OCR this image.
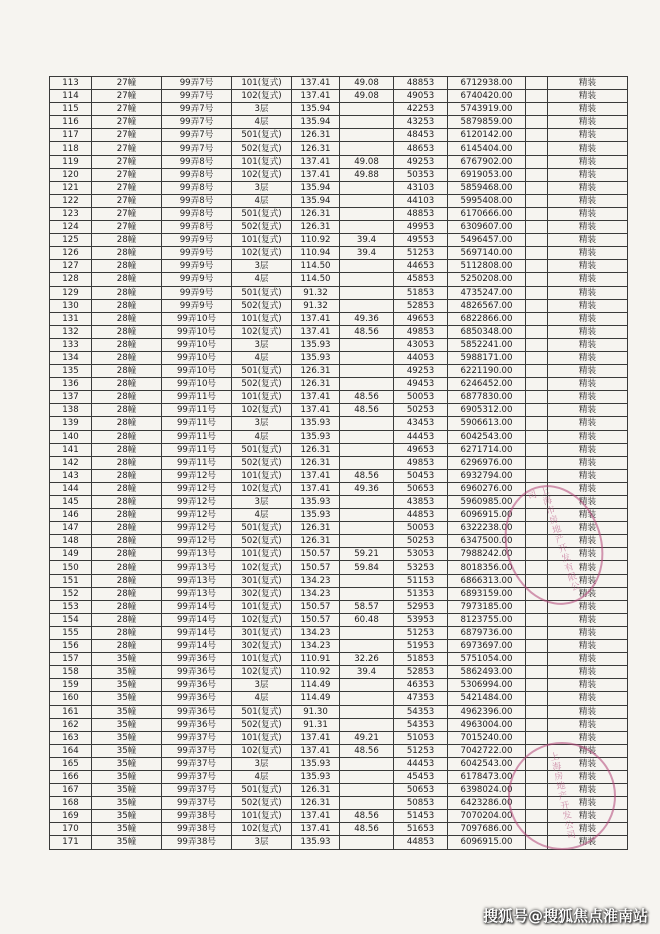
113	27幢	99弄7号	101(复式)	137.41	49.08	48853	6712938.00		精装
114	27幢	99弄7号	102(复式)	137.41	49.08	49053	6740420.00		精装
115	27幢	99弄7号	3层	135.94		42253	5743919.00		精装
116	27幢	99弄7号	4层	135.94		43253	5879859.00		精装
117	27幢	99弄7号	501(复式)	126.31		48453	6120142.00		精装
118	27幢	99弄7号	502(复式)	126.31		48653	6145404.00		精装
119	27幢	99弄8号	101(复式)	137.41	49.08	49253	6767902.00		精装
120	27幢	99弄8号	102(复式)	137.41	49.88	50353	6919053.00		精装
121	27幢	99弄8号	3层	135.94		43103	5859468.00		精装
122	27幢	99弄8号	4层	135.94		44103	5995408.00		精装
123	27幢	99弄8号	501(复式)	126.31		48853	6170666.00		精装
124	27幢	99弄8号	502(复式)	126.31		49953	6309607.00		精装
125	28幢	99弄9号	101(复式)	110.92	39.4	49553	5496457.00		精装
126	28幢	99弄9号	102(复式)	110.94	39.4	51253	5697140.00		精装
127	28幢	99弄9号	3层	114.50		44653	5112808.00		精装
128	28幢	99弄9号	4层	114.50		45853	5250208.00		精装
129	28幢	99弄9号	501(复式)	91.32		51853	4735247.00		精装
130	28幢	99弄9号	502(复式)	91.32		52853	4826567.00		精装
131	28幢	99弄10号	101(复式)	137.41	49.36	49653	6822866.00		精装
132	28幢	99弄10号	102(复式)	137.41	48.56	49853	6850348.00		精装
133	28幢	99弄10号	3层	135.93		43053	5852241.00		精装
134	28幢	99弄10号	4层	135.93		44053	5988171.00		精装
135	28幢	99弄10号	501(复式)	126.31		49253	6221190.00		精装
136	28幢	99弄10号	502(复式)	126.31		49453	6246452.00		精装
137	28幢	99弄11号	101(复式)	137.41	48.56	50053	6877830.00		精装
138	28幢	99弄11号	102(复式)	137.41	48.56	50253	6905312.00		精装
139	28幢	99弄11号	3层	135.93		43453	5906613.00		精装
140	28幢	99弄11号	4层	135.93		44453	6042543.00		精装
141	28幢	99弄11号	501(复式)	126.31		49653	6271714.00		精装
142	28幢	99弄11号	502(复式)	126.31		49853	6296976.00		精装
143	28幢	99弄12号	101(复式)	137.41	48.56	50453	6932794.00		精装
144	28幢	99弄12号	102(复式)	137.41	49.36	50653	6960276.00		精装
145	28幢	99弄12号	3层	135.93		43853	5960985.00		精装
146	28幢	99弄12号	4层	135.93		44853	6096915.00		精装
147	28幢	99弄12号	501(复式)	126.31		50053	6322238.00		精装
148	28幢	99弄12号	502(复式)	126.31		50253	6347500.00		精装
149	28幢	99弄13号	101(复式)	150.57	59.21	53053	7988242.00		精装
150	28幢	99弄13号	102(复式)	150.57	59.84	53253	8018356.00		精装
151	28幢	99弄13号	301(复式)	134.23		51153	6866313.00		精装
152	28幢	99弄13号	302(复式)	134.23		51353	6893159.00		精装
153	28幢	99弄14号	101(复式)	150.57	58.57	52953	7973185.00		精装
154	28幢	99弄14号	102(复式)	150.57	60.48	53953	8123755.00		精装
155	28幢	99弄14号	301(复式)	134.23		51253	6879736.00		精装
156	28幢	99弄14号	302(复式)	134.23		51953	6973697.00		精装
157	35幢	99弄36号	101(复式)	110.91	32.26	51853	5751054.00		精装
158	35幢	99弄36号	102(复式)	110.92	39.4	52853	5862493.00		精装
159	35幢	99弄36号	3层	114.49		46353	5306994.00		精装
160	35幢	99弄36号	4层	114.49		47353	5421484.00		精装
161	35幢	99弄36号	501(复式)	91.30		54353	4962396.00		精装
162	35幢	99弄36号	502(复式)	91.31		54353	4963004.00		精装
163	35幢	99弄37号	101(复式)	137.41	49.21	51053	7015240.00		精装
164	35幢	99弄37号	102(复式)	137.41	48.56	51253	7042722.00		精装
165	35幢	99弄37号	3层	135.93		44453	6042543.00		精装
166	35幢	99弄37号	4层	135.93		45453	6178473.00		精装
167	35幢	99弄37号	501(复式)	126.31		50653	6398024.00		精装
168	35幢	99弄37号	502(复式)	126.31		50853	6423286.00		精装
169	35幢	99弄38号	101(复式)	137.41	48.56	51453	7070204.00		精装
170	35幢	99弄38号	102(复式)	137.41	48.56	51653	7097686.00		精装
171	35幢	99弄38号	3层	135.93		44853	6096915.00		精装
上海市房地产开发有限公司
上海房地产开发公司
搜狐号@搜狐焦点淮南站
